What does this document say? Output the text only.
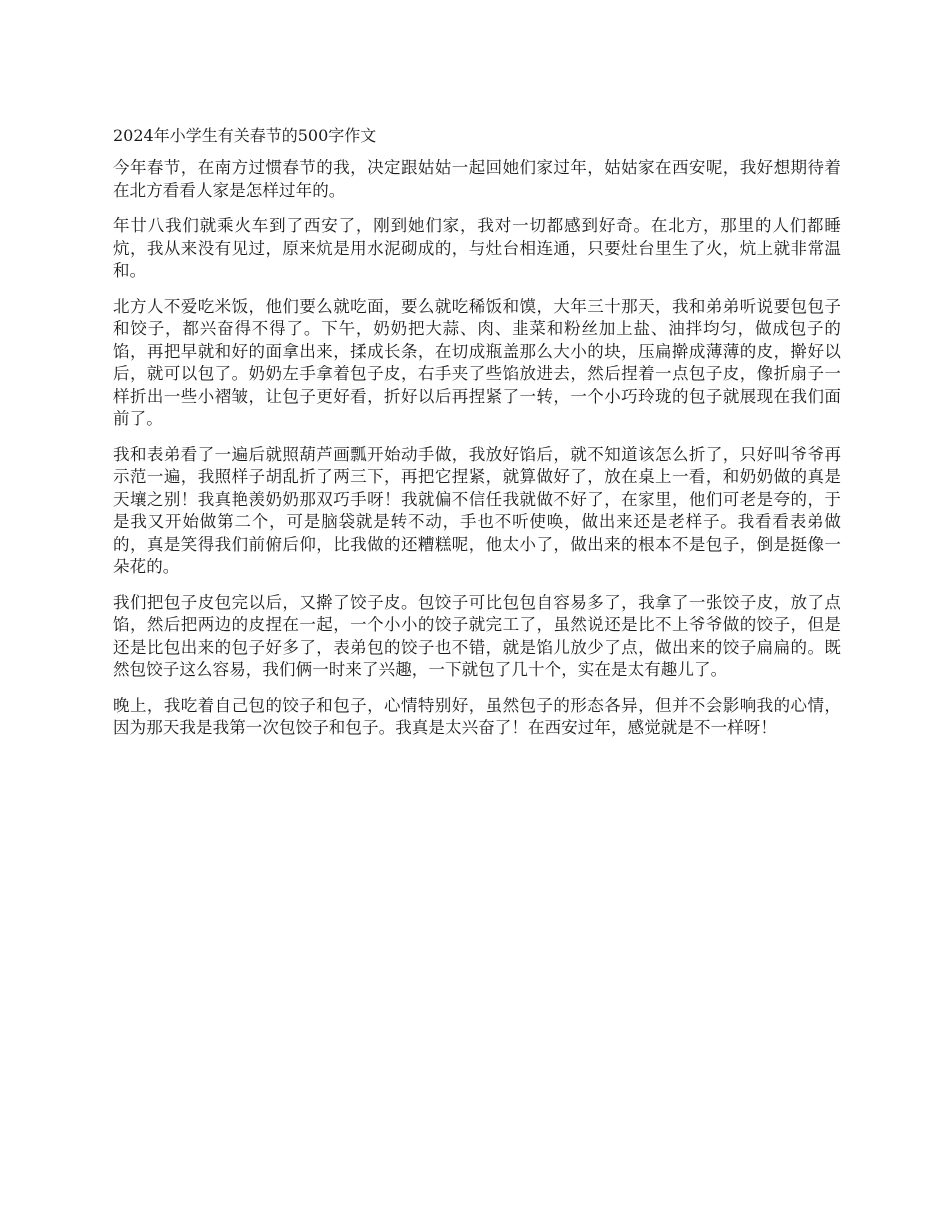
2024年小学生有关春节的500字作文

今年春节，在南方过惯春节的我，决定跟姑姑一起回她们家过年，姑姑家在西安呢，我好想期待着在北方看看人家是怎样过年的。

年廿八我们就乘火车到了西安了，刚到她们家，我对一切都感到好奇。在北方，那里的人们都睡炕，我从来没有见过，原来炕是用水泥砌成的，与灶台相连通，只要灶台里生了火，炕上就非常温和。

北方人不爱吃米饭，他们要么就吃面，要么就吃稀饭和馍，大年三十那天，我和弟弟听说要包包子和饺子，都兴奋得不得了。下午，奶奶把大蒜、肉、韭菜和粉丝加上盐、油拌均匀，做成包子的馅，再把早就和好的面拿出来，揉成长条，在切成瓶盖那么大小的块，压扁擀成薄薄的皮，擀好以后，就可以包了。奶奶左手拿着包子皮，右手夹了些馅放进去，然后捏着一点包子皮，像折扇子一样折出一些小褶皱，让包子更好看，折好以后再捏紧了一转，一个小巧玲珑的包子就展现在我们面前了。

我和表弟看了一遍后就照葫芦画瓢开始动手做，我放好馅后，就不知道该怎么折了，只好叫爷爷再示范一遍，我照样子胡乱折了两三下，再把它捏紧，就算做好了，放在桌上一看，和奶奶做的真是天壤之别！我真艳羡奶奶那双巧手呀！我就偏不信任我就做不好了，在家里，他们可老是夸的，于是我又开始做第二个，可是脑袋就是转不动，手也不听使唤，做出来还是老样子。我看看表弟做的，真是笑得我们前俯后仰，比我做的还糟糕呢，他太小了，做出来的根本不是包子，倒是挺像一朵花的。

我们把包子皮包完以后，又擀了饺子皮。包饺子可比包包自容易多了，我拿了一张饺子皮，放了点馅，然后把两边的皮捏在一起，一个小小的饺子就完工了，虽然说还是比不上爷爷做的饺子，但是还是比包出来的包子好多了，表弟包的饺子也不错，就是馅儿放少了点，做出来的饺子扁扁的。既然包饺子这么容易，我们俩一时来了兴趣，一下就包了几十个，实在是太有趣儿了。

晚上，我吃着自己包的饺子和包子，心情特别好，虽然包子的形态各异，但并不会影响我的心情，因为那天我是我第一次包饺子和包子。我真是太兴奋了！在西安过年，感觉就是不一样呀！
